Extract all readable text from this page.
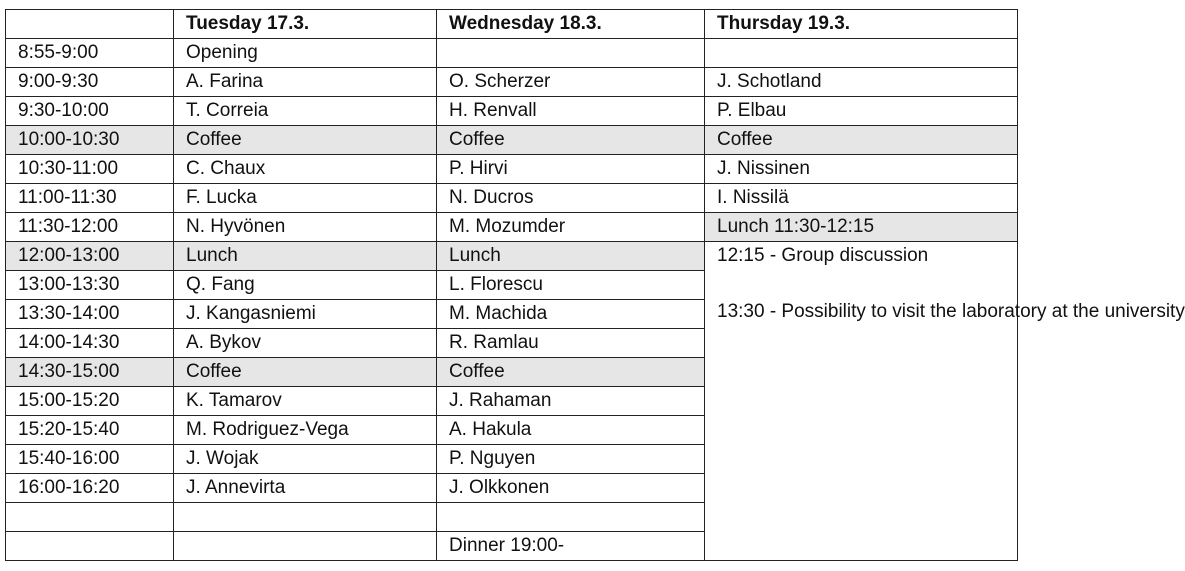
	Tuesday 17.3.	Wednesday 18.3.	Thursday 19.3.
8:55-9:00	Opening		
9:00-9:30	A. Farina	O. Scherzer	J. Schotland
9:30-10:00	T. Correia	H. Renvall	P. Elbau
10:00-10:30	Coffee	Coffee	Coffee
10:30-11:00	C. Chaux	P. Hirvi	J. Nissinen
11:00-11:30	F. Lucka	N. Ducros	I. Nissilä
11:30-12:00	N. Hyvönen	M. Mozumder	Lunch 11:30-12:15
12:00-13:00	Lunch	Lunch	12:15 - Group discussion
13:30 - Possibility to visit the laboratory at the university

13:00-13:30	Q. Fang	L. Florescu	
13:30-14:00	J. Kangasniemi	M. Machida	
14:00-14:30	A. Bykov	R. Ramlau	
14:30-15:00	Coffee	Coffee	
15:00-15:20	K. Tamarov	J. Rahaman	
15:20-15:40	M. Rodriguez-Vega	A. Hakula	
15:40-16:00	J. Wojak	P. Nguyen	
16:00-16:20	J. Annevirta	J. Olkkonen	

		Dinner 19:00-	
